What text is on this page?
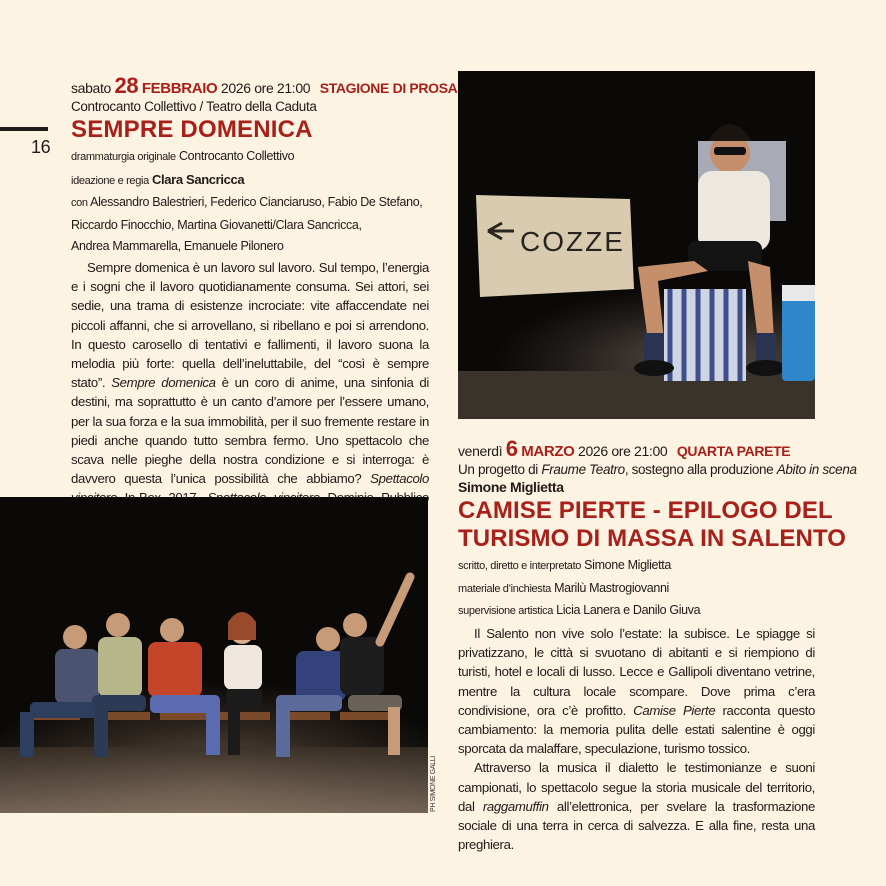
16
sabato 28 FEBBRAIO 2026 ore 21:00 STAGIONE DI PROSA
Controcanto Collettivo / Teatro della Caduta
SEMPRE DOMENICA
drammaturgia originale Controcanto Collettivo
ideazione e regia Clara Sancricca
con Alessandro Balestrieri, Federico Cianciaruso, Fabio De Stefano,
Riccardo Finocchio, Martina Giovanetti/Clara Sancricca,
Andrea Mammarella, Emanuele Pilonero

Sempre domenica è un lavoro sul lavoro. Sul tempo, l’energia e i sogni che il lavoro quotidianamente consuma. Sei attori, sei sedie, una trama di esistenze incrociate: vite affaccendate nei piccoli affanni, che si arrovellano, si ribellano e poi si arrendono. In questo carosello di tentativi e fallimenti, il lavoro suona la melodia più forte: quella dell’ineluttabile, del “così è sempre stato”. Sempre domenica è un coro di anime, una sinfonia di destini, ma soprattutto è un canto d’amore per l’essere umano, per la sua forza e la sua immobilità, per il suo fremente restare in piedi anche quando tutto sembra fermo. Uno spettacolo che scava nelle pieghe della nostra condizione e si interroga: è davvero questa l’unica possibilità che abbiamo? Spettacolo

PH SIMONE GALLI
COZZE
venerdì 6 MARZO 2026 ore 21:00 QUARTA PARETE
Un progetto di Fraume Teatro, sostegno alla produzione Abito in scena
Simone Miglietta
CAMISE PIERTE - EPILOGO DEL
TURISMO DI MASSA IN SALENTO
scritto, diretto e interpretato Simone Miglietta
materiale d’inchiesta Marilù Mastrogiovanni
supervisione artistica Licia Lanera e Danilo Giuva

Il Salento non vive solo l’estate: la subisce. Le spiagge si privatizzano, le città si svuotano di abitanti e si riempiono di turisti, hotel e locali di lusso. Lecce e Gallipoli diventano vetrine, mentre la cultura locale scompare. Dove prima c’era condivisione, ora c’è profitto. Camise Pierte racconta questo cambiamento: la memoria pulita delle estati salentine è oggi sporcata da malaffare, speculazione, turismo tossico.

Attraverso la musica il dialetto le testimonianze e suoni campionati, lo spettacolo segue la storia musicale del territorio, dal raggamuffin all’elettronica, per svelare la trasformazione sociale di una terra in cerca di salvezza. E alla fine, resta una preghiera.
